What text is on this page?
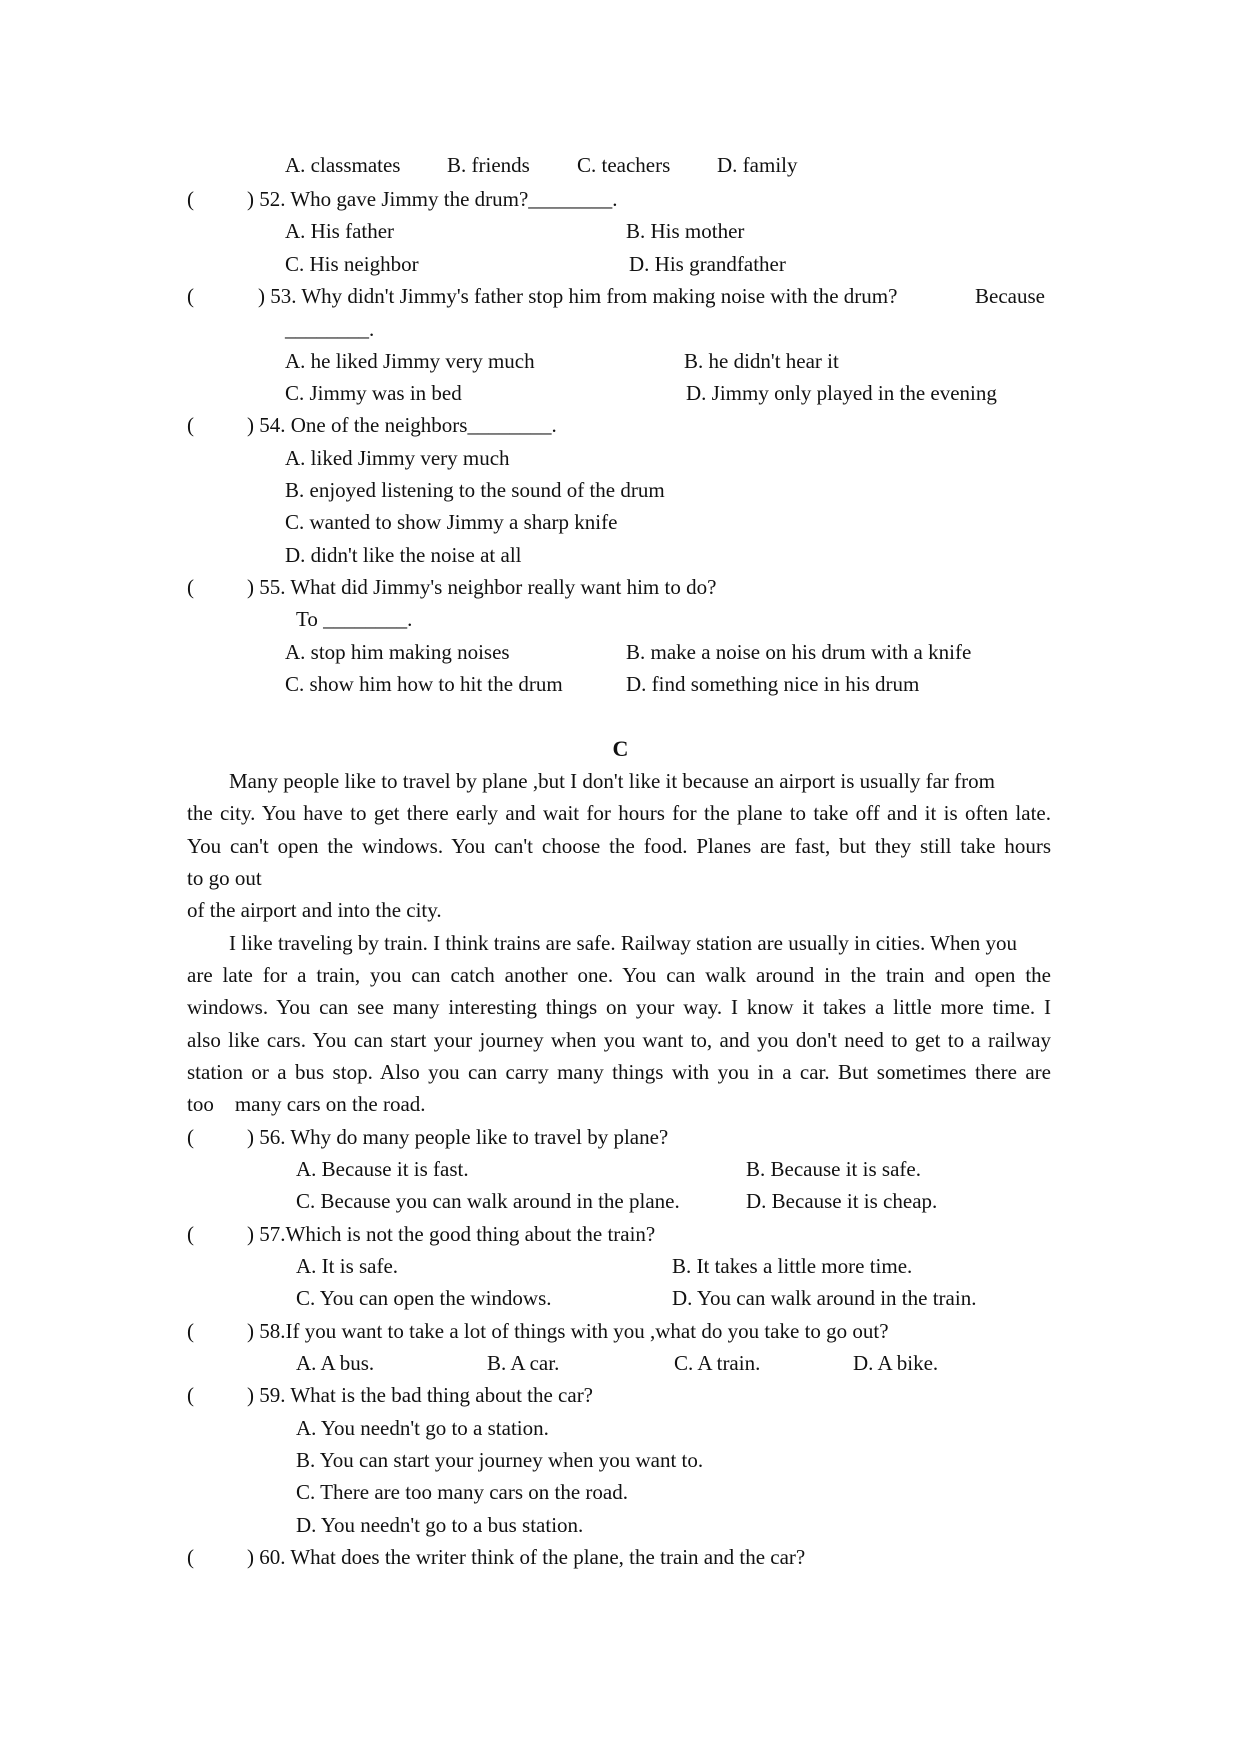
A. classmates B. friends C. teachers D. family
(	) 52. Who gave Jimmy the drum?________.
A. His father	B. His mother
C. His neighbor	D. His grandfather
(	) 53. Why didn't Jimmy's father stop him from making noise with the drum?	Because
________.
A. he liked Jimmy very much	B. he didn't hear it
C. Jimmy was in bed	D. Jimmy only played in the evening
(	) 54. One of the neighbors________.
A. liked Jimmy very much
B. enjoyed listening to the sound of the drum
C. wanted to show Jimmy a sharp knife
D. didn't like the noise at all
(	) 55. What did Jimmy's neighbor really want him to do?
To ________.
A. stop him making noises	B. make a noise on his drum with a knife
C. show him how to hit the drum	D. find something nice in his drum
C
Many people like to travel by plane ,but I don't like it because an airport is usually far from
the city. You have to get there early and wait for hours for the plane to take off and it is often late.
You can't open the windows. You can't choose the food. Planes are fast, but they still take hours
to go out
of the airport and into the city.
I like traveling by train. I think trains are safe. Railway station are usually in cities. When you
are late for a train, you can catch another one. You can walk around in the train and open the
windows. You can see many interesting things on your way. I know it takes a little more time. I
also like cars. You can start your journey when you want to, and you don't need to get to a railway
station or a bus stop. Also you can carry many things with you in a car. But sometimes there are
too    many cars on the road.
(	) 56. Why do many people like to travel by plane?
A. Because it is fast.	B. Because it is safe.
C. Because you can walk around in the plane.	D. Because it is cheap.
(	) 57.Which is not the good thing about the train?
A. It is safe.	B. It takes a little more time.
C. You can open the windows.	D. You can walk around in the train.
(	) 58.If you want to take a lot of things with you ,what do you take to go out?
A. A bus.	B. A car.	C. A train.	D. A bike.
(	) 59. What is the bad thing about the car?
A. You needn't go to a station.
B. You can start your journey when you want to.
C. There are too many cars on the road.
D. You needn't go to a bus station.
(	) 60. What does the writer think of the plane, the train and the car?
